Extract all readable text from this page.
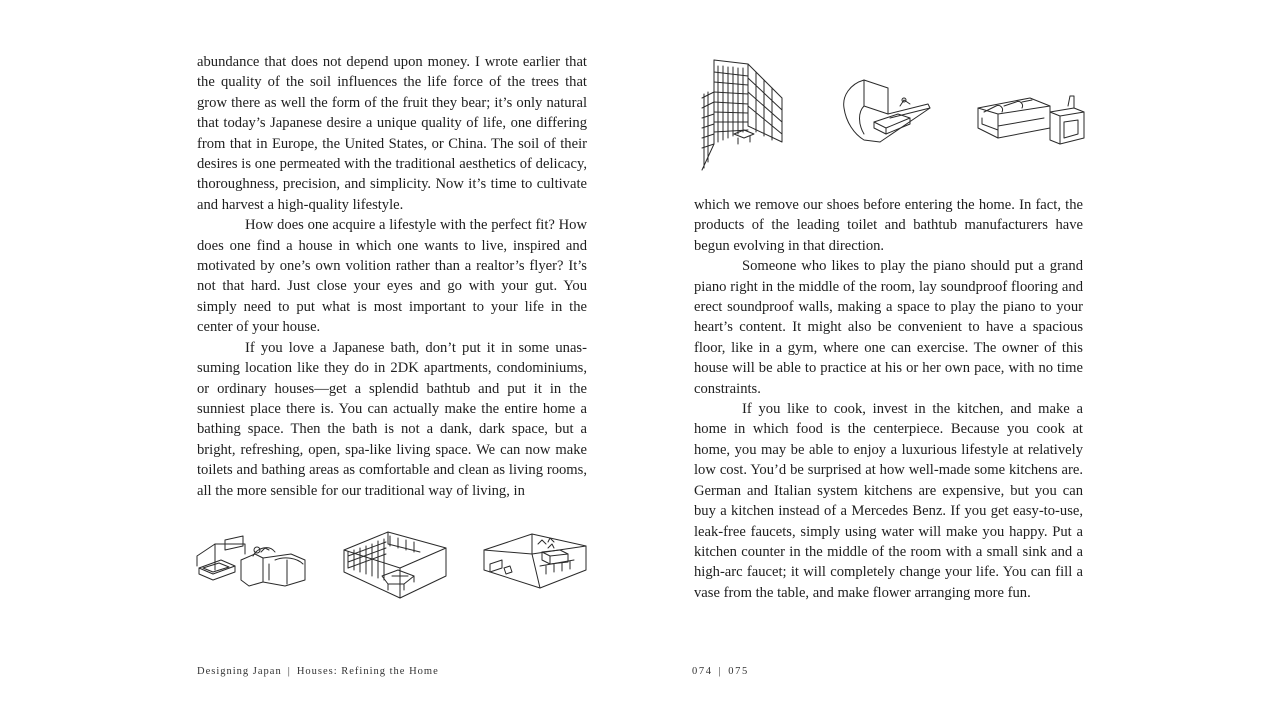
abundance that does not depend upon money. I wrote earlier that the quality of the soil influences the life force of the trees that grow there as well the form of the fruit they bear; it’s only natural that today’s Japanese desire a unique quality of life, one differing from that in Europe, the United States, or China. The soil of their desires is one permeated with the traditional aesthetics of delicacy, thoroughness, precision, and simplicity. Now it’s time to cultivate and harvest a high-quality lifestyle.

How does one acquire a lifestyle with the perfect fit? How does one find a house in which one wants to live, inspired and motivated by one’s own volition rather than a realtor’s flyer? It’s not that hard. Just close your eyes and go with your gut. You simply need to put what is most important to your life in the center of your house.

If you love a Japanese bath, don’t put it in some unassuming location like they do in 2DK apartments, condominiums, or ordinary houses—get a splendid bathtub and put it in the sunniest place there is. You can actually make the entire home a bathing space. Then the bath is not a dank, dark space, but a bright, refreshing, open, spa-like living space. We can now make toilets and bathing areas as comfortable and clean as living rooms, all the more sensible for our traditional way of living, in

Designing Japan | Houses: Refining the Home

which we remove our shoes before entering the home. In fact, the products of the leading toilet and bathtub manufacturers have begun evolving in that direction.

Someone who likes to play the piano should put a grand piano right in the middle of the room, lay soundproof flooring and erect soundproof walls, making a space to play the piano to your heart’s content. It might also be convenient to have a spacious floor, like in a gym, where one can exercise. The owner of this house will be able to practice at his or her own pace, with no time constraints.

If you like to cook, invest in the kitchen, and make a home in which food is the centerpiece. Because you cook at home, you may be able to enjoy a luxurious lifestyle at relatively low cost. You’d be surprised at how well-made some kitchens are. German and Italian system kitchens are expensive, but you can buy a kitchen instead of a Mercedes Benz. If you get easy-to-use, leak-free faucets, simply using water will make you happy. Put a kitchen counter in the middle of the room with a small sink and a high-arc faucet; it will completely change your life. You can fill a vase from the table, and make flower arranging more fun.

074 | 075
